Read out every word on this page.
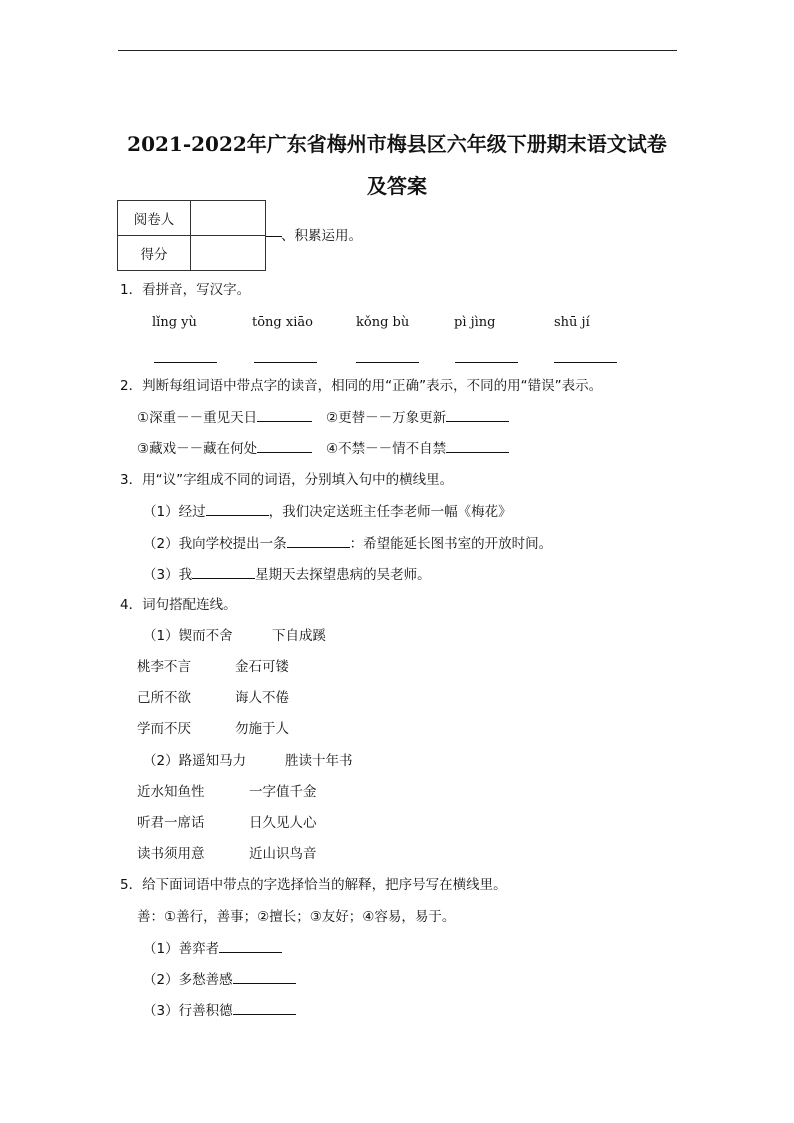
2021-2022年广东省梅州市梅县区六年级下册期末语文试卷
及答案
阅卷人	
得分	
、积累运用。
1．看拼音，写汉字。
lǐng yù	tōng xiāo	kǒng bù	pì jìng	shū jí
2．判断每组词语中带点字的读音，相同的用“正确”表示，不同的用“错误”表示。
①深重－－重见天日	②更替－－万象更新
③藏戏－－藏在何处	④不禁－－情不自禁
3．用“议”字组成不同的词语，分别填入句中的横线里。
（1）经过	，我们决定送班主任李老师一幅《梅花》
（2）我向学校提出一条	：希望能延长图书室的开放时间。
（3）我	星期天去探望患病的吴老师。
4．词句搭配连线。
（1）锲而不舍	下自成蹊
桃李不言	金石可镂
己所不欲	诲人不倦
学而不厌	勿施于人
（2）路遥知马力	胜读十年书
近水知鱼性	一字值千金
听君一席话	日久见人心
读书须用意	近山识鸟音
5．给下面词语中带点的字选择恰当的解释，把序号写在横线里。
善：①善行，善事；②擅长；③友好；④容易，易于。
（1）善弈者
（2）多愁善感
（3）行善积德
